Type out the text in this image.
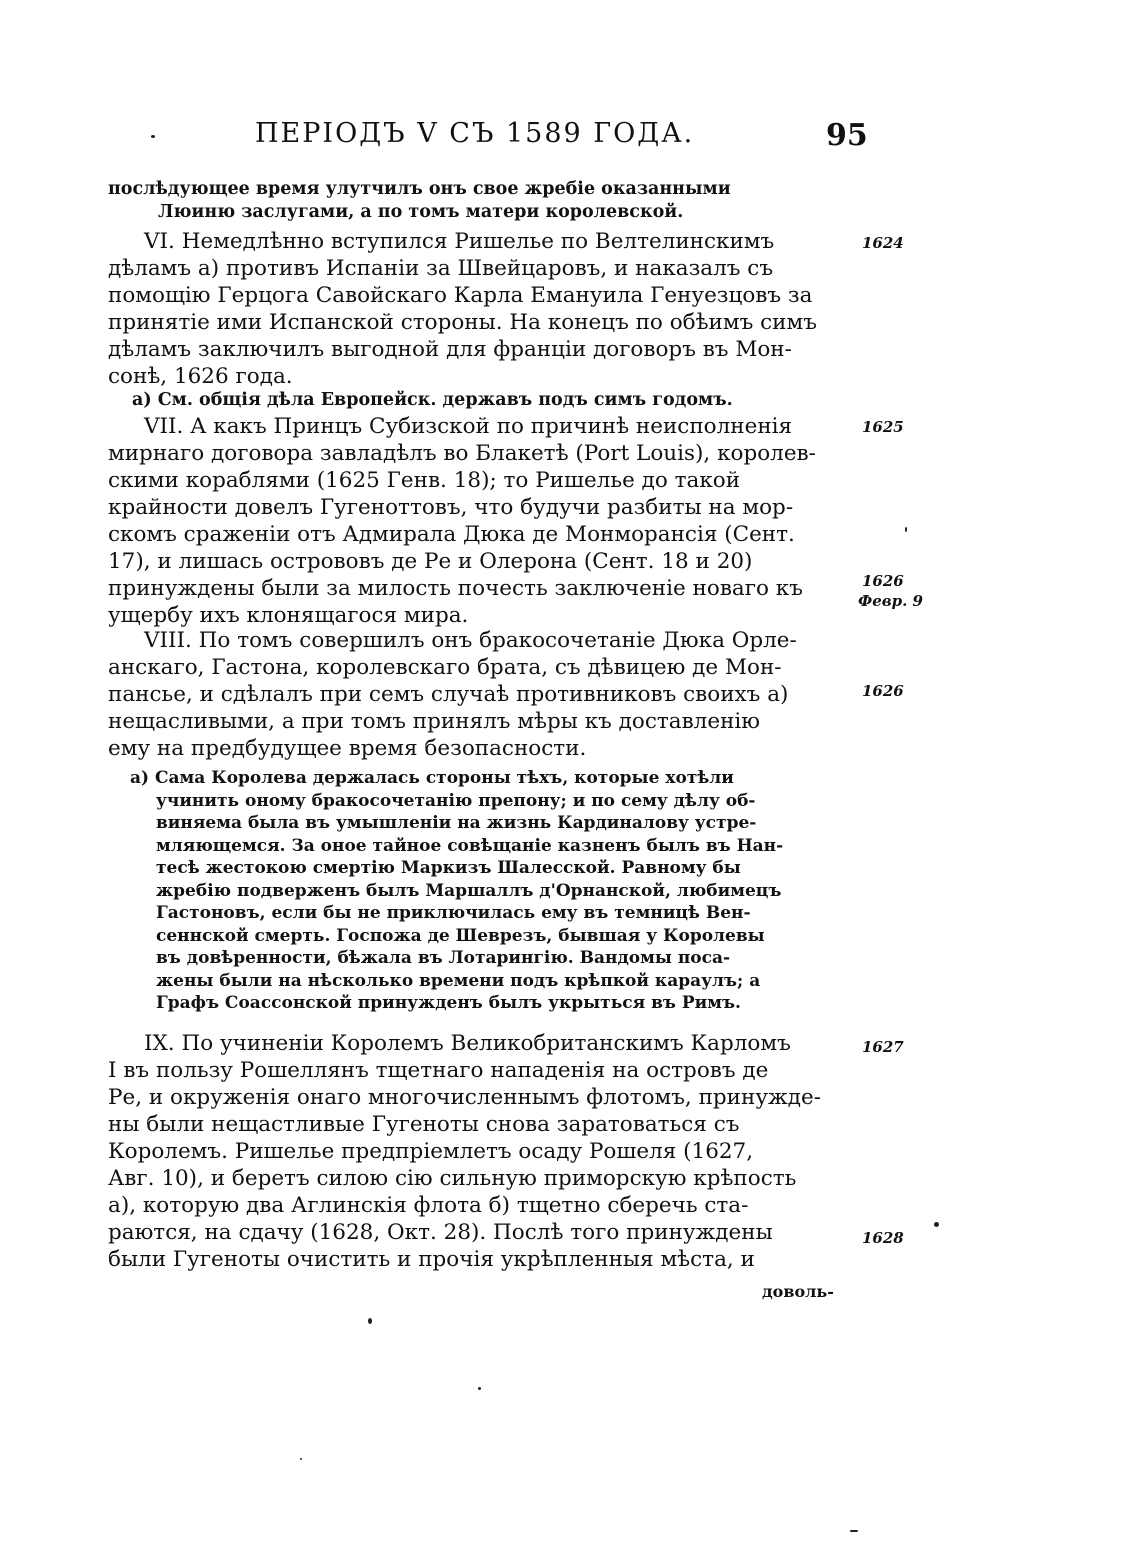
ПЕРІОДЪ V СЪ 1589 ГОДА.	95
послѣдующее время улутчилъ онъ свое жребіе оказанными
Люиню заслугами, а по томъ матери королевской.
VI. Немедлѣнно вступился Ришелье по Велтелинскимъ
дѣламъ а) противъ Испаніи за Швейцаровъ, и наказалъ съ
помощію Герцога Савойскаго Карла Емануила Генуезцовъ за
принятіе ими Испанской стороны. На конецъ по обѣимъ симъ
дѣламъ заключилъ выгодной для франціи договоръ въ Мон-
сонѣ, 1626 года.
а) См. общія дѣла Европейск. державъ подъ симъ годомъ.
VII. А какъ Принцъ Субизской по причинѣ неисполненія
мирнаго договора завладѣлъ во Блакетѣ (Port Louis), королев-
скими кораблями (1625 Генв. 18); то Ришелье до такой
крайности довелъ Гугеноттовъ, что будучи разбиты на мор-
скомъ сраженіи отъ Адмирала Дюка де Монморансія (Сент.
17), и лишась острововъ де Ре и Олерона (Сент. 18 и 20)
принуждены были за милость почесть заключеніе новаго къ
ущербу ихъ клонящагося мира.
VIII. По томъ совершилъ онъ бракосочетаніе Дюка Орле-
анскаго, Гастона, королевскаго брата, съ дѣвицею де Мон-
пансье, и сдѣлалъ при семъ случаѣ противниковъ своихъ а)
нещасливыми, а при томъ принялъ мѣры къ доставленію
ему на предбудущее время безопасности.
а) Сама Королева держалась стороны тѣхъ, которые хотѣли
учинить оному бракосочетанію препону; и по сему дѣлу об-
виняема была въ умышленіи на жизнь Кардиналову устре-
мляющемся. За оное тайное совѣщаніе казненъ былъ въ Нан-
тесѣ жестокою смертію Маркизъ Шалесской. Равному бы
жребію подверженъ былъ Маршаллъ д'Орнанской, любимецъ
Гастоновъ, если бы не приключилась ему въ темницѣ Вен-
сеннской смерть. Госпожа де Шеврезъ, бывшая у Королевы
въ довѣренности, бѣжала въ Лотарингію. Вандомы поса-
жены были на нѣсколько времени подъ крѣпкой караулъ; а
Графъ Соассонской принужденъ былъ укрыться въ Римъ.
IX. По учиненіи Королемъ Великобританскимъ Карломъ
I въ пользу Рошеллянъ тщетнаго нападенія на островъ де
Ре, и окруженія онаго многочисленнымъ флотомъ, принужде-
ны были нещастливые Гугеноты снова заратоваться съ
Королемъ. Ришелье предпріемлетъ осаду Рошеля (1627,
Авг. 10), и беретъ силою сію сильную приморскую крѣпость
а), которую два Аглинскія флота б) тщетно сберечь ста-
раются, на сдачу (1628, Окт. 28). Послѣ того принуждены
были Гугеноты очистить и прочія укрѣпленныя мѣста, и
доволь-
1624
1625
1626
Февр. 9
1626
1627
1628
